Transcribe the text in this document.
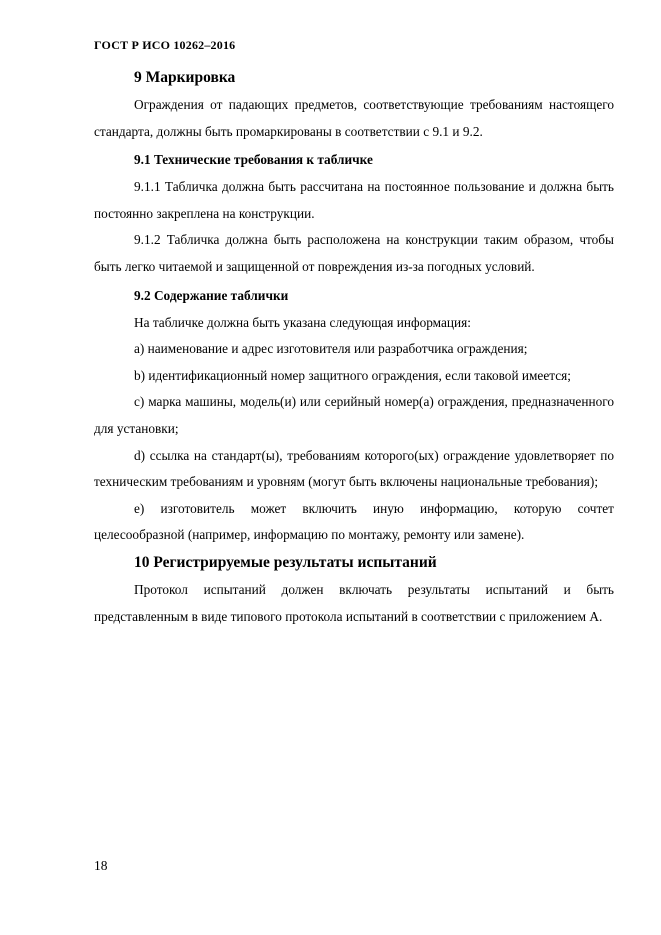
ГОСТ Р ИСО 10262–2016
9 Маркировка

Ограждения от падающих предметов, соответствующие требованиям настоящего стандарта, должны быть промаркированы в соответствии с 9.1 и 9.2.

9.1 Технические требования к табличке

9.1.1 Табличка должна быть рассчитана на постоянное пользование и должна быть постоянно закреплена на конструкции.

9.1.2 Табличка должна быть расположена на конструкции таким образом, чтобы быть легко читаемой и защищенной от повреждения из-за погодных условий.

9.2 Содержание таблички

На табличке должна быть указана следующая информация:

a) наименование и адрес изготовителя или разработчика ограждения;

b) идентификационный номер защитного ограждения, если таковой имеется;

c) марка машины, модель(и) или серийный номер(а) ограждения, предназначенного для установки;

d) ссылка на стандарт(ы), требованиям которого(ых) ограждение удовлетворяет по техническим требованиям и уровням (могут быть включены национальные требования);

e) изготовитель может включить иную информацию, которую сочтет целесообразной (например, информацию по монтажу, ремонту или замене).

10 Регистрируемые результаты испытаний

Протокол испытаний должен включать результаты испытаний и быть представленным в виде типового протокола испытаний в соответствии с приложением А.

18
